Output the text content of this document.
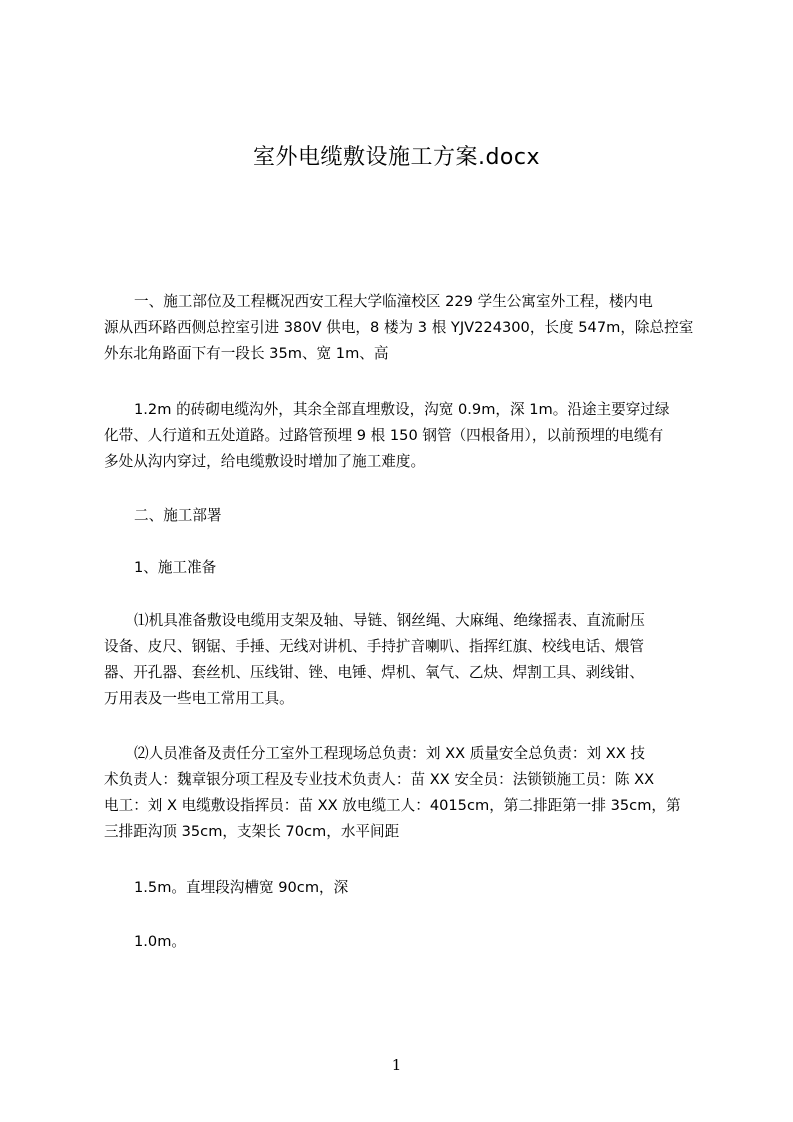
室外电缆敷设施工方案.docx
一、施工部位及工程概况西安工程大学临潼校区 229 学生公寓室外工程，楼内电
源从西环路西侧总控室引进 380V 供电，8 楼为 3 根 YJV224300，长度 547m，除总控室
外东北角路面下有一段长 35m、宽 1m、高
1.2m 的砖砌电缆沟外，其余全部直埋敷设，沟宽 0.9m，深 1m。沿途主要穿过绿
化带、人行道和五处道路。过路管预埋 9 根 150 钢管（四根备用），以前预埋的电缆有
多处从沟内穿过，给电缆敷设时增加了施工难度。
二、施工部署
1、施工准备
⑴机具准备敷设电缆用支架及轴、导链、钢丝绳、大麻绳、绝缘摇表、直流耐压
设备、皮尺、钢锯、手捶、无线对讲机、手持扩音喇叭、指挥红旗、校线电话、煨管
器、开孔器、套丝机、压线钳、锉、电锤、焊机、氧气、乙炔、焊割工具、剥线钳、
万用表及一些电工常用工具。
⑵人员准备及责任分工室外工程现场总负责：刘 XX 质量安全总负责：刘 XX 技
术负责人：魏章银分项工程及专业技术负责人：苗 XX 安全员：法锁锁施工员：陈 XX
电工：刘 X 电缆敷设指挥员：苗 XX 放电缆工人：4015cm，第二排距第一排 35cm，第
三排距沟顶 35cm，支架长 70cm，水平间距
1.5m。直埋段沟槽宽 90cm，深
1.0m。
1
